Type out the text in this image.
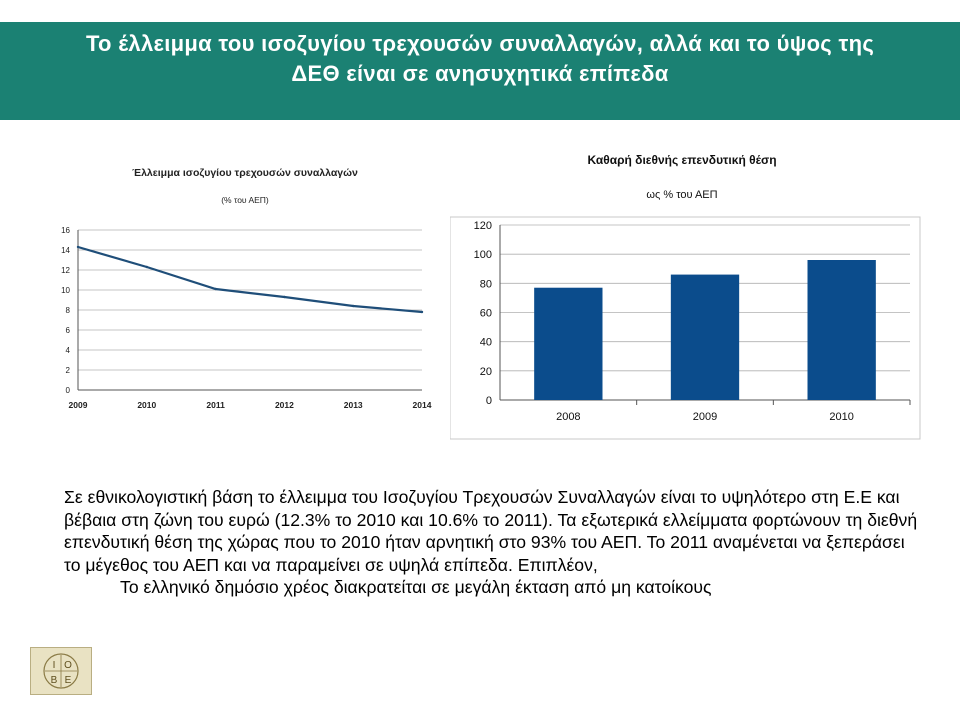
Το έλλειμμα του ισοζυγίου τρεχουσών συναλλαγών, αλλά και το ύψος της
ΔΕΘ είναι σε ανησυχητικά επίπεδα
Έλλειμμα ισοζυγίου τρεχουσών συναλλαγών
(% του ΑΕΠ)
0
2
4
6
8
10
12
14
16
2009	2010	2011	2012	2013	2014
Καθαρή διεθνής επενδυτική θέση
ως % του ΑΕΠ
0
20
40
60
80
100
120
2008	2009	2010
Σε εθνικολογιστική βάση το έλλειμμα του Ισοζυγίου Τρεχουσών Συναλλαγών είναι το υψηλότερο στη Ε.Ε και βέβαια στη ζώνη του ευρώ (12.3% το 2010 και 10.6% το 2011). Τα εξωτερικά ελλείμματα φορτώνουν τη διεθνή επενδυτική θέση της χώρας που το 2010 ήταν αρνητική στο 93% του ΑΕΠ. Το 2011 αναμένεται να ξεπεράσει το μέγεθος του ΑΕΠ και να παραμείνει σε υψηλά επίπεδα. Επιπλέον,
Το ελληνικό δημόσιο χρέος διακρατείται σε μεγάλη έκταση από μη κατοίκους
I O
B E
